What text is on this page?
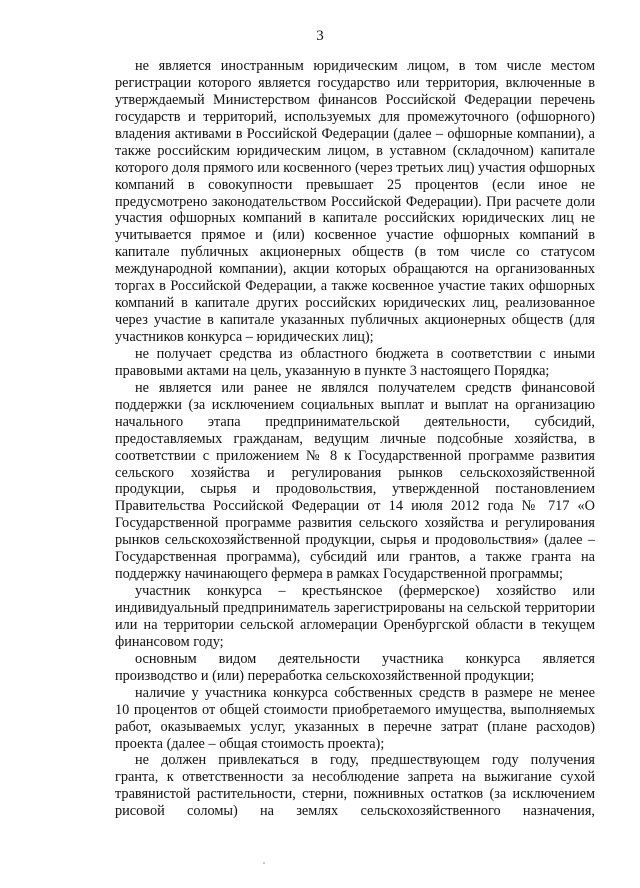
3
не является иностранным юридическим лицом, в том числе местом
регистрации которого является государство или территория, включенные в
утверждаемый Министерством финансов Российской Федерации перечень
государств и территорий, используемых для промежуточного (офшорного)
владения активами в Российской Федерации (далее – офшорные компании), а
также российским юридическим лицом, в уставном (складочном) капитале
которого доля прямого или косвенного (через третьих лиц) участия офшорных
компаний в совокупности превышает 25 процентов (если иное не
предусмотрено законодательством Российской Федерации). При расчете доли
участия офшорных компаний в капитале российских юридических лиц не
учитывается прямое и (или) косвенное участие офшорных компаний в
капитале публичных акционерных обществ (в том числе со статусом
международной компании), акции которых обращаются на организованных
торгах в Российской Федерации, а также косвенное участие таких офшорных
компаний в капитале других российских юридических лиц, реализованное
через участие в капитале указанных публичных акционерных обществ (для
участников конкурса – юридических лиц);
не получает средства из областного бюджета в соответствии с иными
правовыми актами на цель, указанную в пункте 3 настоящего Порядка;
не является или ранее не являлся получателем средств финансовой
поддержки (за исключением социальных выплат и выплат на организацию
начального этапа предпринимательской деятельности, субсидий,
предоставляемых гражданам, ведущим личные подсобные хозяйства, в
соответствии с приложением № 8 к Государственной программе развития
сельского хозяйства и регулирования рынков сельскохозяйственной
продукции, сырья и продовольствия, утвержденной постановлением
Правительства Российской Федерации от 14 июля 2012 года № 717 «О
Государственной программе развития сельского хозяйства и регулирования
рынков сельскохозяйственной продукции, сырья и продовольствия» (далее –
Государственная программа), субсидий или грантов, а также гранта на
поддержку начинающего фермера в рамках Государственной программы;
участник конкурса – крестьянское (фермерское) хозяйство или
индивидуальный предприниматель зарегистрированы на сельской территории
или на территории сельской агломерации Оренбургской области в текущем
финансовом году;
основным видом деятельности участника конкурса является
производство и (или) переработка сельскохозяйственной продукции;
наличие у участника конкурса собственных средств в размере не менее
10 процентов от общей стоимости приобретаемого имущества, выполняемых
работ, оказываемых услуг, указанных в перечне затрат (плане расходов)
проекта (далее – общая стоимость проекта);
не должен привлекаться в году, предшествующем году получения
гранта, к ответственности за несоблюдение запрета на выжигание сухой
травянистой растительности, стерни, пожнивных остатков (за исключением
рисовой соломы) на землях сельскохозяйственного назначения,
